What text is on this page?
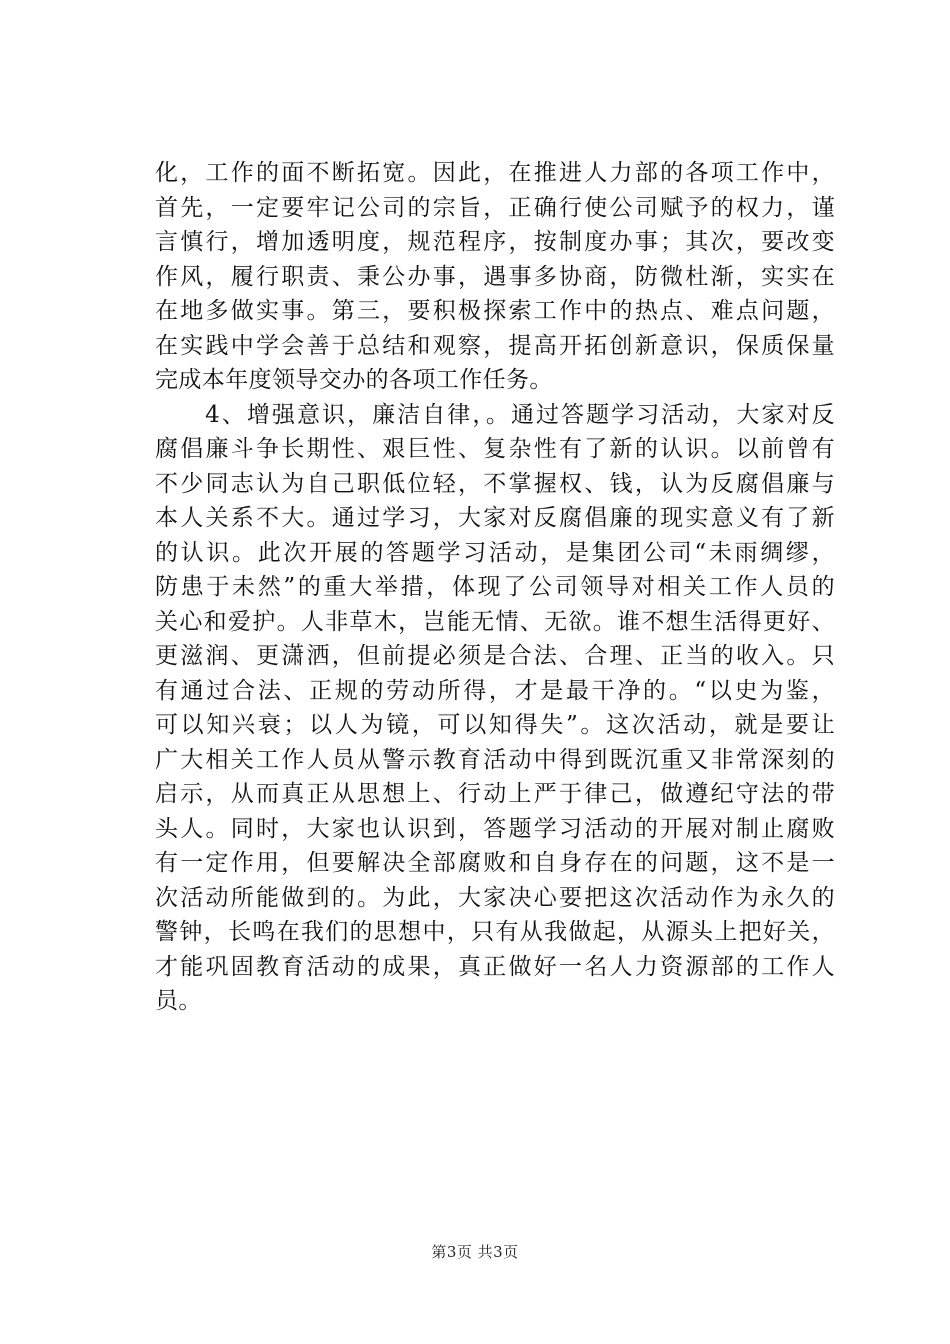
化，工作的面不断拓宽。因此，在推进人力部的各项工作中，
首先，一定要牢记公司的宗旨，正确行使公司赋予的权力，谨
言慎行，增加透明度，规范程序，按制度办事；其次，要改变
作风，履行职责、秉公办事，遇事多协商，防微杜渐，实实在
在地多做实事。第三，要积极探索工作中的热点、难点问题，
在实践中学会善于总结和观察，提高开拓创新意识，保质保量
完成本年度领导交办的各项工作任务。
　　4、增强意识，廉洁自律，。通过答题学习活动，大家对反
腐倡廉斗争长期性、艰巨性、复杂性有了新的认识。以前曾有
不少同志认为自己职低位轻，不掌握权、钱，认为反腐倡廉与
本人关系不大。通过学习，大家对反腐倡廉的现实意义有了新
的认识。此次开展的答题学习活动，是集团公司“未雨绸缪，
防患于未然”的重大举措，体现了公司领导对相关工作人员的
关心和爱护。人非草木，岂能无情、无欲。谁不想生活得更好、
更滋润、更潇洒，但前提必须是合法、合理、正当的收入。只
有通过合法、正规的劳动所得，才是最干净的。“以史为鉴，
可以知兴衰；以人为镜，可以知得失”。这次活动，就是要让
广大相关工作人员从警示教育活动中得到既沉重又非常深刻的
启示，从而真正从思想上、行动上严于律己，做遵纪守法的带
头人。同时，大家也认识到，答题学习活动的开展对制止腐败
有一定作用，但要解决全部腐败和自身存在的问题，这不是一
次活动所能做到的。为此，大家决心要把这次活动作为永久的
警钟，长鸣在我们的思想中，只有从我做起，从源头上把好关，
才能巩固教育活动的成果，真正做好一名人力资源部的工作人
员。
第3页 共3页
